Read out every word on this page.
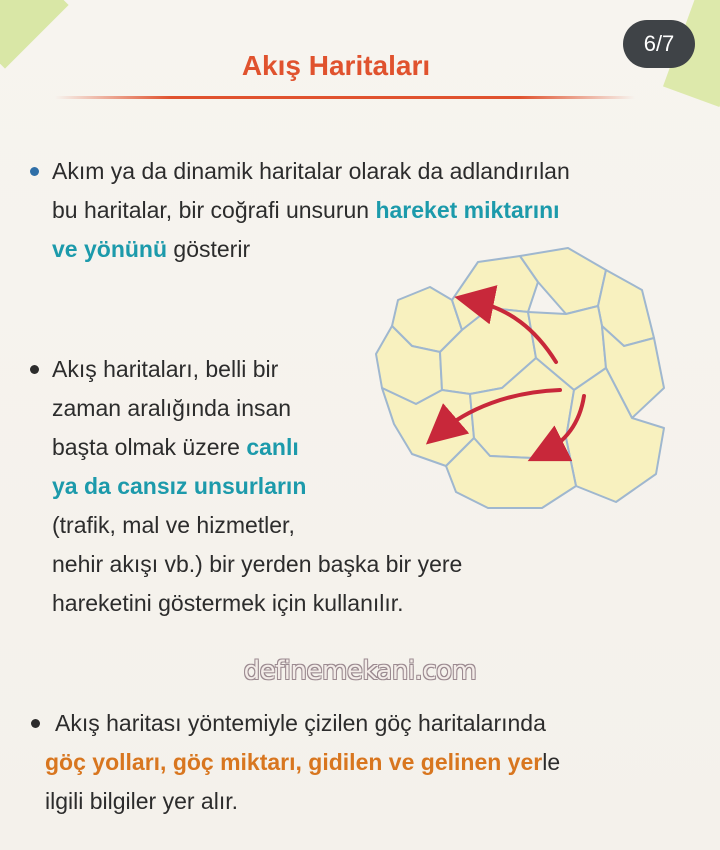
6/7
Akış Haritaları
Akım ya da dinamik haritalar olarak da adlandırılan
bu haritalar, bir coğrafi unsurun hareket miktarını
ve yönünü gösterir
Akış haritaları, belli bir
zaman aralığında insan
başta olmak üzere canlı
ya da cansız unsurların
(trafik, mal ve hizmetler,
nehir akışı vb.) bir yerden başka bir yere
hareketini göstermek için kullanılır.
definemekani.com
Akış haritası yöntemiyle çizilen göç haritalarında
göç yolları, göç miktarı, gidilen ve gelinen yerle
ilgili bilgiler yer alır.
